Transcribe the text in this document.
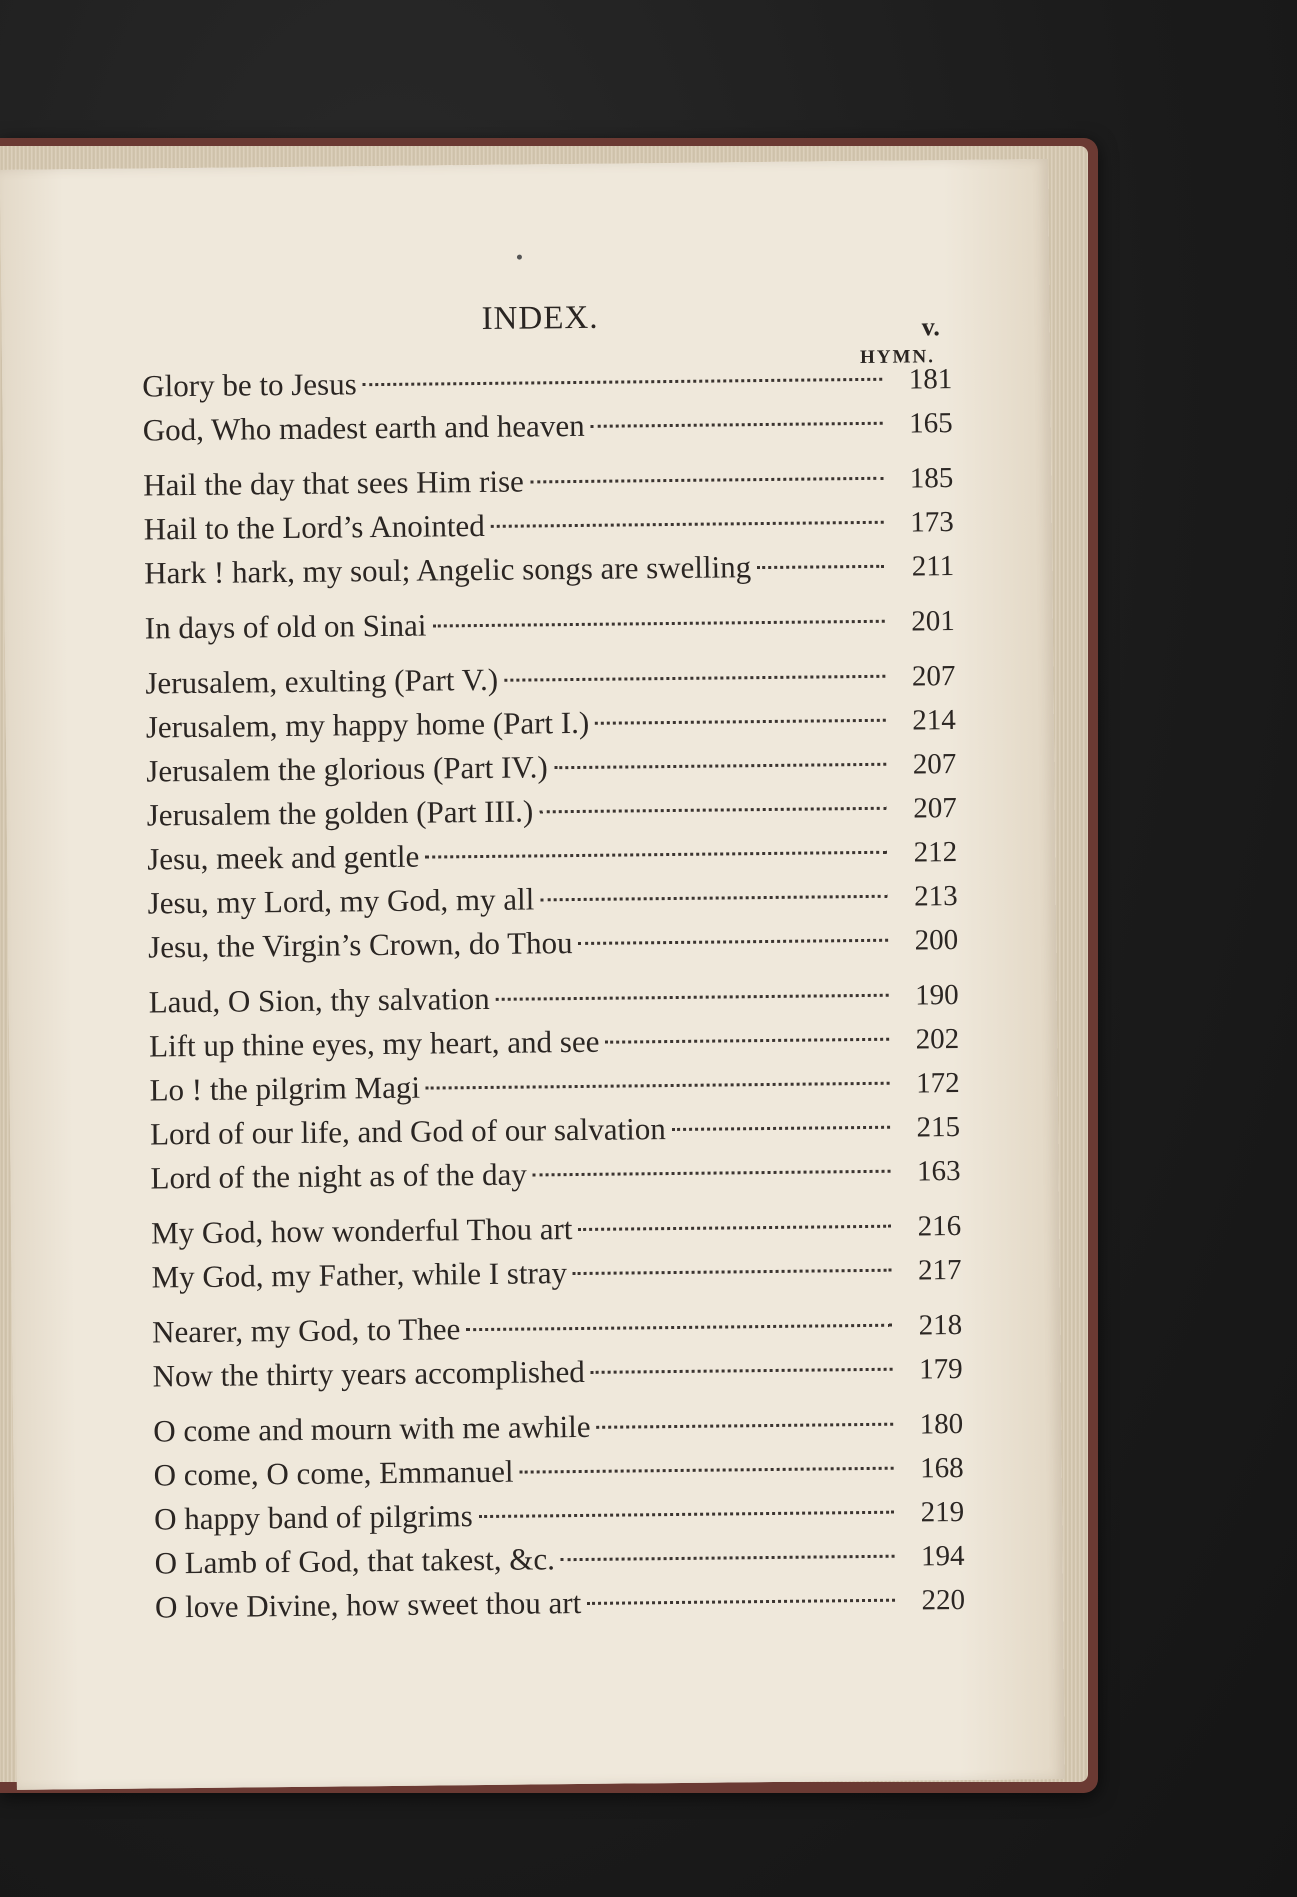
INDEX.	v.
HYMN.
Glory be to Jesus	181
God, Who madest earth and heaven	165
Hail the day that sees Him rise	185
Hail to the Lord’s Anointed	173
Hark ! hark, my soul; Angelic songs are swelling	211
In days of old on Sinai	201
Jerusalem, exulting (Part V.)	207
Jerusalem, my happy home (Part I.)	214
Jerusalem the glorious (Part IV.)	207
Jerusalem the golden (Part III.)	207
Jesu, meek and gentle	212
Jesu, my Lord, my God, my all	213
Jesu, the Virgin’s Crown, do Thou	200
Laud, O Sion, thy salvation	190
Lift up thine eyes, my heart, and see	202
Lo ! the pilgrim Magi	172
Lord of our life, and God of our salvation	215
Lord of the night as of the day	163
My God, how wonderful Thou art	216
My God, my Father, while I stray	217
Nearer, my God, to Thee	218
Now the thirty years accomplished	179
O come and mourn with me awhile	180
O come, O come, Emmanuel	168
O happy band of pilgrims	219
O Lamb of God, that takest, &c.	194
O love Divine, how sweet thou art	220
